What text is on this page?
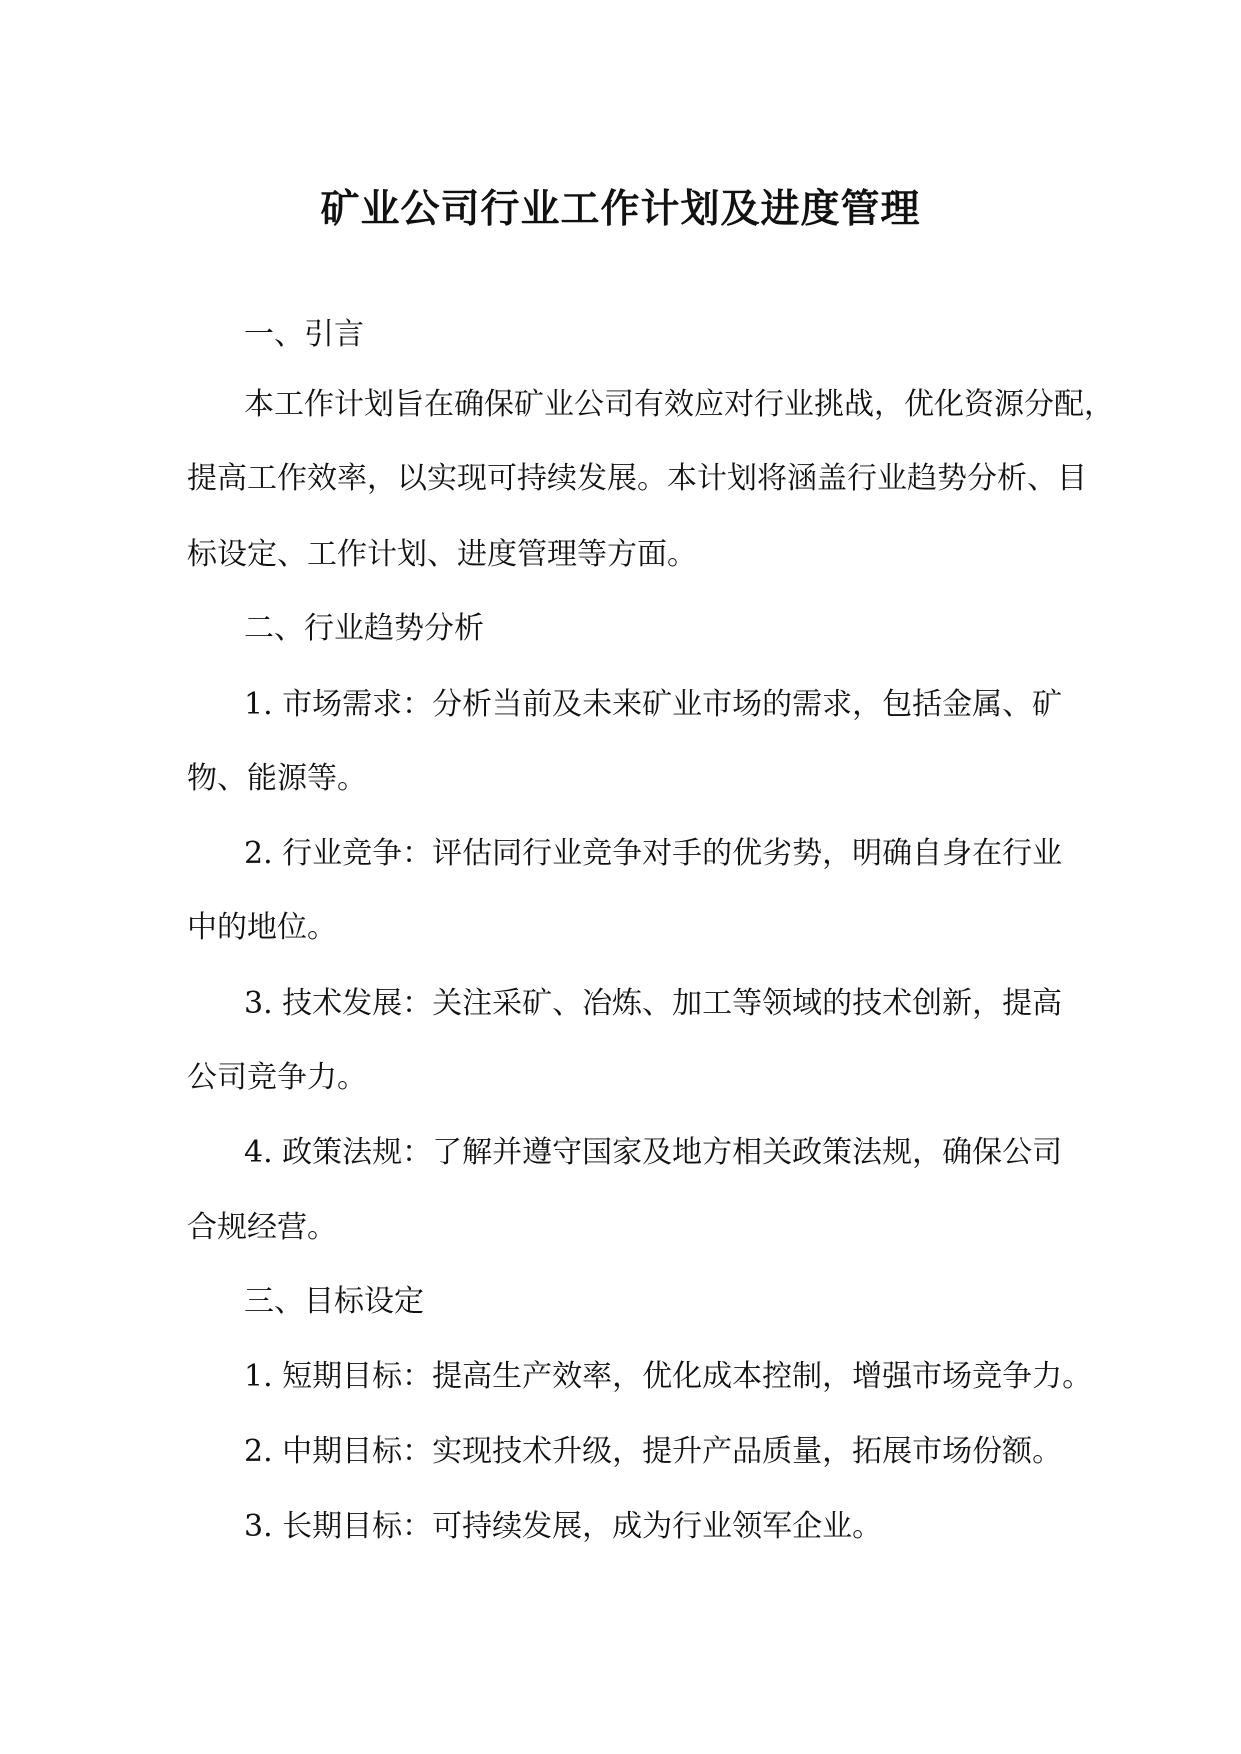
矿业公司行业工作计划及进度管理
一、引言
本工作计划旨在确保矿业公司有效应对行业挑战，优化资源分配，
提高工作效率，以实现可持续发展。本计划将涵盖行业趋势分析、目
标设定、工作计划、进度管理等方面。
二、行业趋势分析
1. 市场需求：分析当前及未来矿业市场的需求，包括金属、矿
物、能源等。
2. 行业竞争：评估同行业竞争对手的优劣势，明确自身在行业
中的地位。
3. 技术发展：关注采矿、冶炼、加工等领域的技术创新，提高
公司竞争力。
4. 政策法规：了解并遵守国家及地方相关政策法规，确保公司
合规经营。
三、目标设定
1. 短期目标：提高生产效率，优化成本控制，增强市场竞争力。
2. 中期目标：实现技术升级，提升产品质量，拓展市场份额。
3. 长期目标：可持续发展，成为行业领军企业。
